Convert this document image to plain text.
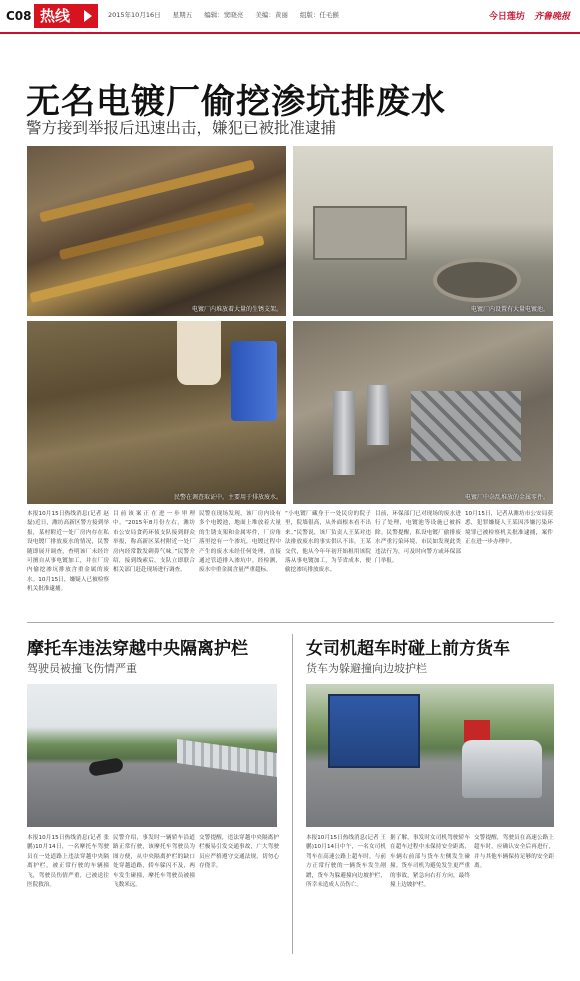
C08 热线	2015年10月16日 星期五 编辑：窦晓亮 美编：黄丽 组版：任毛猴	今日莲坊 齐鲁晚报
无名电镀厂偷挖渗坑排废水
警方接到举报后迅速出击，嫌犯已被批准逮捕
电镀厂内堆放着大量的生锈支架。	电镀厂内设置有大量电镀池。
民警在调查取证中。主要用于排放废水。	电镀厂中杂乱堆放的金属零件。
本报10月15日热线消息(记者 赵磊)近日，潍坊高新区警方接到举报，某村附近一处厂房内存在私设电镀厂排放废水的情况，民警随即展开调查，查明该厂未经许可擅自从事电镀加工，并在厂房内偷挖渗坑排放含重金属的废水。10月15日，嫌疑人已被检察机关批准逮捕。
目前该案正在进一步审理中。“2015年8月份左右，潍坊市公安局食药环侦支队接到群众举报，称高新区某村附近一处厂房内经常散发刺鼻气味。”民警介绍，接到线索后，支队立即联合相关部门赶赴现场进行调查。
民警在现场发现，该厂房内设有多个电镀池，地面上堆放着大量的生锈支架和金属零件，厂房角落里挖有一个渗坑，电镀过程中产生的废水未经任何处理，直接通过管道排入渗坑中。经检测，废水中重金属含量严重超标。
“小电镀厂藏身于一处民房的院子里，院墙很高，从外面根本看不出来。”民警说，该厂负责人王某对违法排放废水的事实供认不讳。王某交代，他从今年年初开始租用该院落从事电镀加工，为节省成本，便偷挖渗坑排放废水。
目前，环保部门已对现场的废水进行了处理，电镀池等设施已被拆除。民警提醒，私设电镀厂偷排废水严重污染环境，市民如发现此类违法行为，可及时向警方或环保部门举报。
10月15日，记者从潍坊市公安局获悉，犯罪嫌疑人王某因涉嫌污染环境罪已被检察机关批准逮捕，案件正在进一步办理中。
摩托车违法穿越中央隔离护栏
驾驶员被撞飞伤情严重
本报10月15日热线消息(记者 张鹏)10月14日，一名摩托车驾驶员在一处道路上违法穿越中央隔离护栏，被正常行驶的车辆撞飞，驾驶员伤情严重，已被送往医院救治。
民警介绍，事发时一辆轿车沿道路正常行驶，该摩托车驾驶员为图方便，从中央隔离护栏的缺口处穿越道路，轿车躲闪不及，两车发生碰撞，摩托车驾驶员被撞飞数米远。
交警提醒，违法穿越中央隔离护栏极易引发交通事故，广大驾驶员应严格遵守交通法规，切勿心存侥幸。
女司机超车时碰上前方货车
货车为躲避撞向边坡护栏
本报10月15日热线消息(记者 王鹏)10月14日中午，一名女司机驾车在高速公路上超车时，与前方正常行驶的一辆货车发生剐蹭，货车为躲避撞向边坡护栏，所幸未造成人员伤亡。
据了解，事发时女司机驾驶轿车在超车过程中未保持安全距离，车辆右前部与货车左侧发生碰撞。货车司机为避免发生更严重的事故，紧急向右打方向，最终撞上边坡护栏。
交警提醒，驾驶员在高速公路上超车时，应确认安全后再进行，并与其他车辆保持足够的安全距离。
